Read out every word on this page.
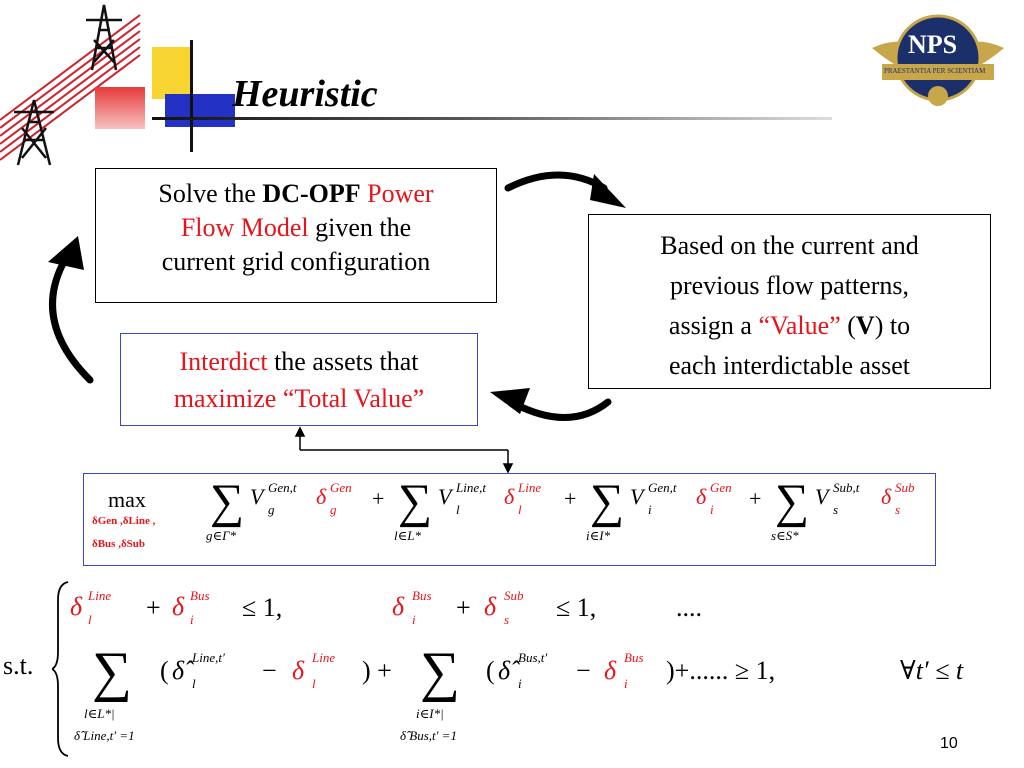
Heuristic
NPS
PRAESTANTIA PER SCIENTIAM
Solve the DC-OPF Power
Flow Model given the
current grid configuration
Based on the current and
previous flow patterns,
assign a “Value” (V) to
each interdictable asset
Interdict the assets that
maximize “Total Value”
max
δGen ,δLine ,
δBus ,δSub
∑
g∈Γ*
V Gen,t
g
δ Gen
g ∑
l∈L*
+ V Line,t
l
δ Line
l ∑
i∈I*
+ V Gen,t
i
δ Gen
i ∑
s∈S*
+ V Sub,t
s
δ Sub
s
s.t.
δ Line
l + δ Bus
i ≤ 1,	δ Bus
i + δ Sub
s ≤ 1,	....
∑
l∈L*|
δ̂ Line,t' =1
( δ̂ Line,t'
l	− δ Line
l ) + ∑
i∈I*|
δ̂ Bus,t' =1
( δ̂ Bus,t'
i − δ Bus
i )+...... ≥ 1,	∀t′ ≤ t
10
